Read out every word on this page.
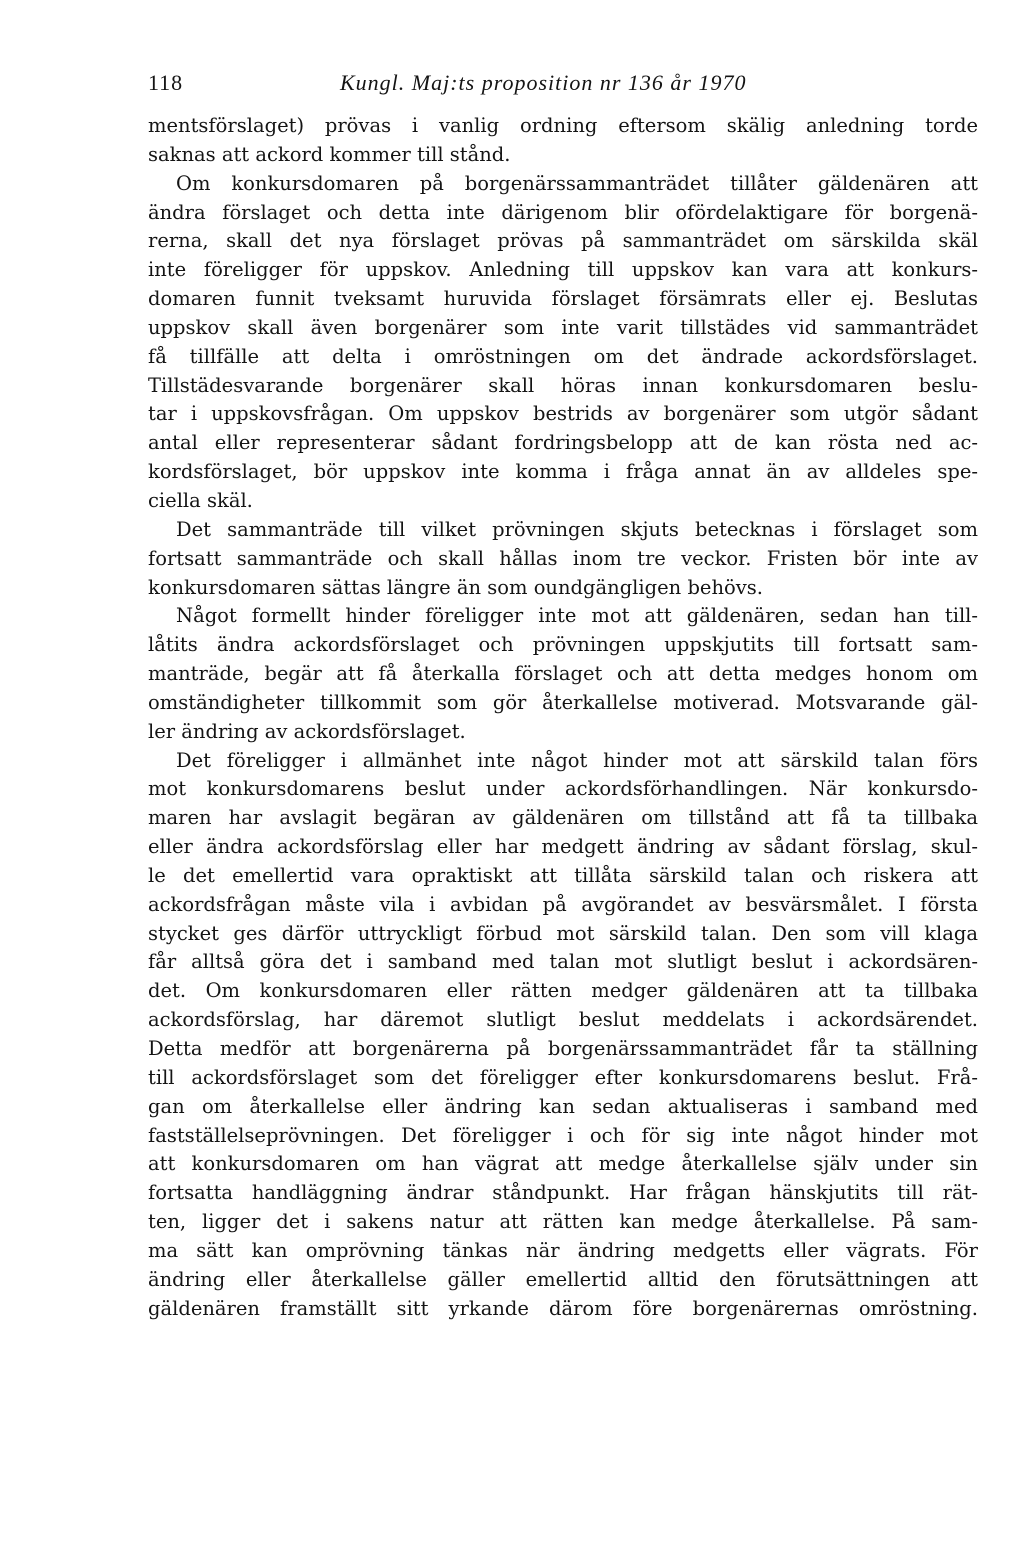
118	Kungl. Maj:ts proposition nr 136 år 1970
mentsförslaget) prövas i vanlig ordning eftersom skälig anledning torde
saknas att ackord kommer till stånd.
Om konkursdomaren på borgenärssammanträdet tillåter gäldenären att
ändra förslaget och detta inte därigenom blir ofördelaktigare för borgenä-
rerna, skall det nya förslaget prövas på sammanträdet om särskilda skäl
inte föreligger för uppskov. Anledning till uppskov kan vara att konkurs-
domaren funnit tveksamt huruvida förslaget försämrats eller ej. Beslutas
uppskov skall även borgenärer som inte varit tillstädes vid sammanträdet
få tillfälle att delta i omröstningen om det ändrade ackordsförslaget.
Tillstädesvarande borgenärer skall höras innan konkursdomaren beslu-
tar i uppskovsfrågan. Om uppskov bestrids av borgenärer som utgör sådant
antal eller representerar sådant fordringsbelopp att de kan rösta ned ac-
kordsförslaget, bör uppskov inte komma i fråga annat än av alldeles spe-
ciella skäl.
Det sammanträde till vilket prövningen skjuts betecknas i förslaget som
fortsatt sammanträde och skall hållas inom tre veckor. Fristen bör inte av
konkursdomaren sättas längre än som oundgängligen behövs.
Något formellt hinder föreligger inte mot att gäldenären, sedan han till-
låtits ändra ackordsförslaget och prövningen uppskjutits till fortsatt sam-
manträde, begär att få återkalla förslaget och att detta medges honom om
omständigheter tillkommit som gör återkallelse motiverad. Motsvarande gäl-
ler ändring av ackordsförslaget.
Det föreligger i allmänhet inte något hinder mot att särskild talan förs
mot konkursdomarens beslut under ackordsförhandlingen. När konkursdo-
maren har avslagit begäran av gäldenären om tillstånd att få ta tillbaka
eller ändra ackordsförslag eller har medgett ändring av sådant förslag, skul-
le det emellertid vara opraktiskt att tillåta särskild talan och riskera att
ackordsfrågan måste vila i avbidan på avgörandet av besvärsmålet. I första
stycket ges därför uttryckligt förbud mot särskild talan. Den som vill klaga
får alltså göra det i samband med talan mot slutligt beslut i ackordsären-
det. Om konkursdomaren eller rätten medger gäldenären att ta tillbaka
ackordsförslag, har däremot slutligt beslut meddelats i ackordsärendet.
Detta medför att borgenärerna på borgenärssammanträdet får ta ställning
till ackordsförslaget som det föreligger efter konkursdomarens beslut. Frå-
gan om återkallelse eller ändring kan sedan aktualiseras i samband med
fastställelseprövningen. Det föreligger i och för sig inte något hinder mot
att konkursdomaren om han vägrat att medge återkallelse själv under sin
fortsatta handläggning ändrar ståndpunkt. Har frågan hänskjutits till rät-
ten, ligger det i sakens natur att rätten kan medge återkallelse. På sam-
ma sätt kan omprövning tänkas när ändring medgetts eller vägrats. För
ändring eller återkallelse gäller emellertid alltid den förutsättningen att
gäldenären framställt sitt yrkande därom före borgenärernas omröstning.
